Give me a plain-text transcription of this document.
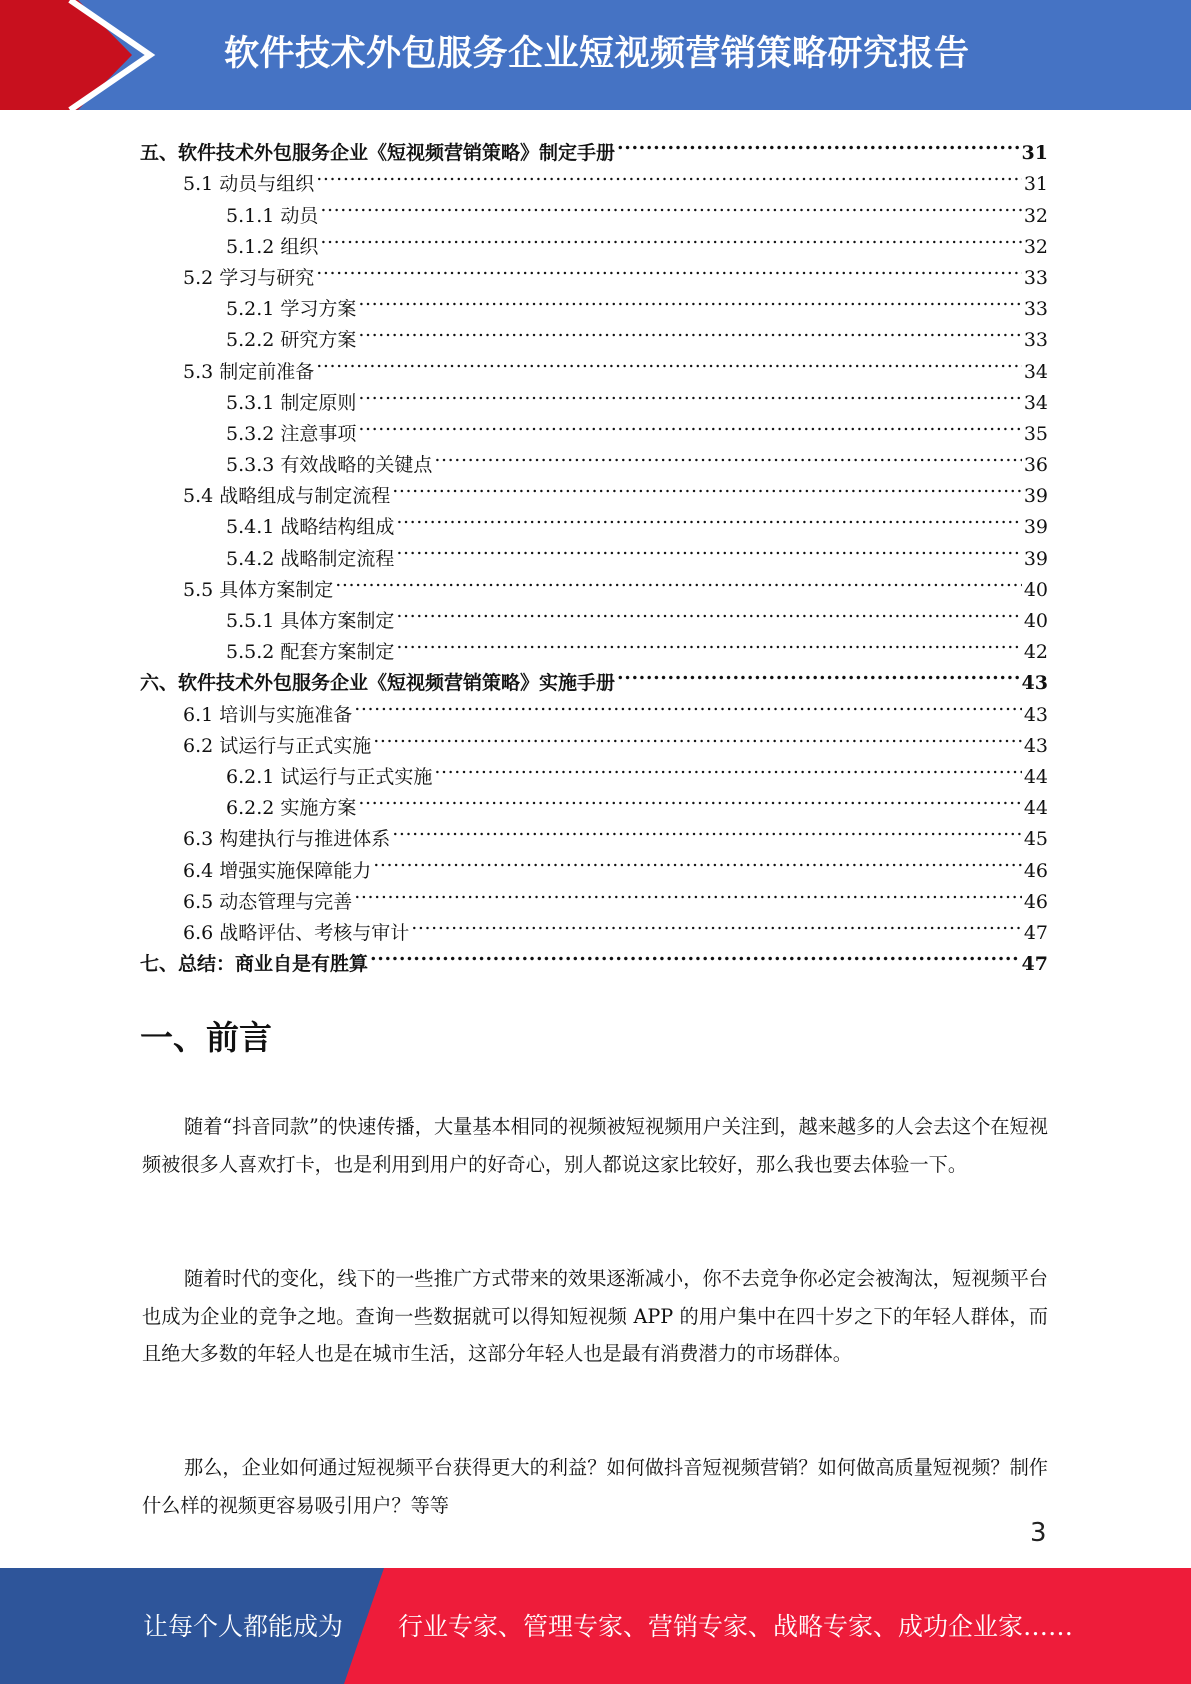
软件技术外包服务企业短视频营销策略研究报告
五、软件技术外包服务企业《短视频营销策略》制定手册 .....	31
5.1 动员与组织 .....	31
5.1.1 动员 .....	32
5.1.2 组织 .....	32
5.2 学习与研究 .....	33
5.2.1 学习方案 .....	33
5.2.2 研究方案 .....	33
5.3 制定前准备 .....	34
5.3.1 制定原则 .....	34
5.3.2 注意事项 .....	35
5.3.3 有效战略的关键点 .....	36
5.4 战略组成与制定流程 .....	39
5.4.1 战略结构组成 .....	39
5.4.2 战略制定流程 .....	39
5.5 具体方案制定 .....	40
5.5.1 具体方案制定 .....	40
5.5.2 配套方案制定 .....	42
六、软件技术外包服务企业《短视频营销策略》实施手册 .....	43
6.1 培训与实施准备 .....	43
6.2 试运行与正式实施 .....	43
6.2.1 试运行与正式实施 .....	44
6.2.2 实施方案 .....	44
6.3 构建执行与推进体系 .....	45
6.4 增强实施保障能力 .....	46
6.5 动态管理与完善 .....	46
6.6 战略评估、考核与审计 .....	47
七、总结：商业自是有胜算 .....	47
一、前言

随着“抖音同款”的快速传播，大量基本相同的视频被短视频用户关注到，越来越多的人会去这个在短视频被很多人喜欢打卡，也是利用到用户的好奇心，别人都说这家比较好，那么我也要去体验一下。

随着时代的变化，线下的一些推广方式带来的效果逐渐减小，你不去竞争你必定会被淘汰，短视频平台也成为企业的竞争之地。查询一些数据就可以得知短视频 APP 的用户集中在四十岁之下的年轻人群体，而且绝大多数的年轻人也是在城市生活，这部分年轻人也是最有消费潜力的市场群体。

那么，企业如何通过短视频平台获得更大的利益？如何做抖音短视频营销？如何做高质量短视频？制作什么样的视频更容易吸引用户？等等

3
让每个人都能成为 行业专家、管理专家、营销专家、战略专家、成功企业家……
